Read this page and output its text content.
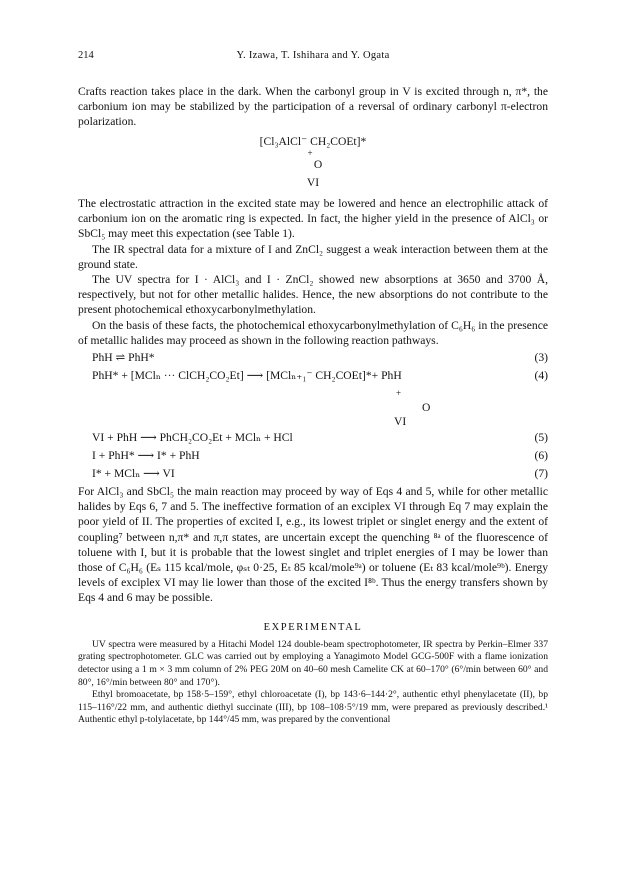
214	Y. Izawa, T. Ishihara and Y. Ogata

Crafts reaction takes place in the dark. When the carbonyl group in V is excited through n, π*, the carbonium ion may be stabilized by the participation of a reversal of ordinary carbonyl π-electron polarization.

[Cl₃AlCl⁻ CH₂COEt]*
+
O
VI

The electrostatic attraction in the excited state may be lowered and hence an electrophilic attack of carbonium ion on the aromatic ring is expected. In fact, the higher yield in the presence of AlCl₃ or SbCl₅ may meet this expectation (see Table 1).

The IR spectral data for a mixture of I and ZnCl₂ suggest a weak interaction between them at the ground state.

The UV spectra for I · AlCl₃ and I · ZnCl₂ showed new absorptions at 3650 and 3700 Å, respectively, but not for other metallic halides. Hence, the new absorptions do not contribute to the present photochemical ethoxycarbonylmethylation.

On the basis of these facts, the photochemical ethoxycarbonylmethylation of C₆H₆ in the presence of metallic halides may proceed as shown in the following reaction pathways.

PhH ⇌ PhH*	(3)
PhH* + [MClₙ ··· ClCH₂CO₂Et] ⟶ [MClₙ₊₁⁻ CH₂COEt]*+ PhH	(4)
+
O
VI
VI + PhH ⟶ PhCH₂CO₂Et + MClₙ + HCl	(5)
I + PhH* ⟶ I* + PhH	(6)
I* + MClₙ ⟶ VI	(7)

For AlCl₃ and SbCl₅ the main reaction may proceed by way of Eqs 4 and 5, while for other metallic halides by Eqs 6, 7 and 5. The ineffective formation of an exciplex VI through Eq 7 may explain the poor yield of II. The properties of excited I, e.g., its lowest triplet or singlet energy and the extent of coupling⁷ between n,π* and π,π states, are uncertain except the quenching ⁸ᵃ of the fluorescence of toluene with I, but it is probable that the lowest singlet and triplet energies of I may be lower than those of C₆H₆ (Eₛ 115 kcal/mole, φₛₜ 0·25, Eₜ 85 kcal/mole⁹ᵃ) or toluene (Eₜ 83 kcal/mole⁹ᵇ). Energy levels of exciplex VI may lie lower than those of the excited I⁸ᵇ. Thus the energy transfers shown by Eqs 4 and 6 may be possible.

EXPERIMENTAL

UV spectra were measured by a Hitachi Model 124 double-beam spectrophotometer, IR spectra by Perkin–Elmer 337 grating spectrophotometer. GLC was carried out by employing a Yanagimoto Model GCG-500F with a flame ionization detector using a 1 m × 3 mm column of 2% PEG 20M on 40–60 mesh Camelite CK at 60–170° (6°/min between 60° and 80°, 16°/min between 80° and 170°).

Ethyl bromoacetate, bp 158·5–159°, ethyl chloroacetate (I), bp 143·6–144·2°, authentic ethyl phenylacetate (II), bp 115–116°/22 mm, and authentic diethyl succinate (III), bp 108–108·5°/19 mm, were prepared as previously described.¹ Authentic ethyl p-tolylacetate, bp 144°/45 mm, was prepared by the conventional
